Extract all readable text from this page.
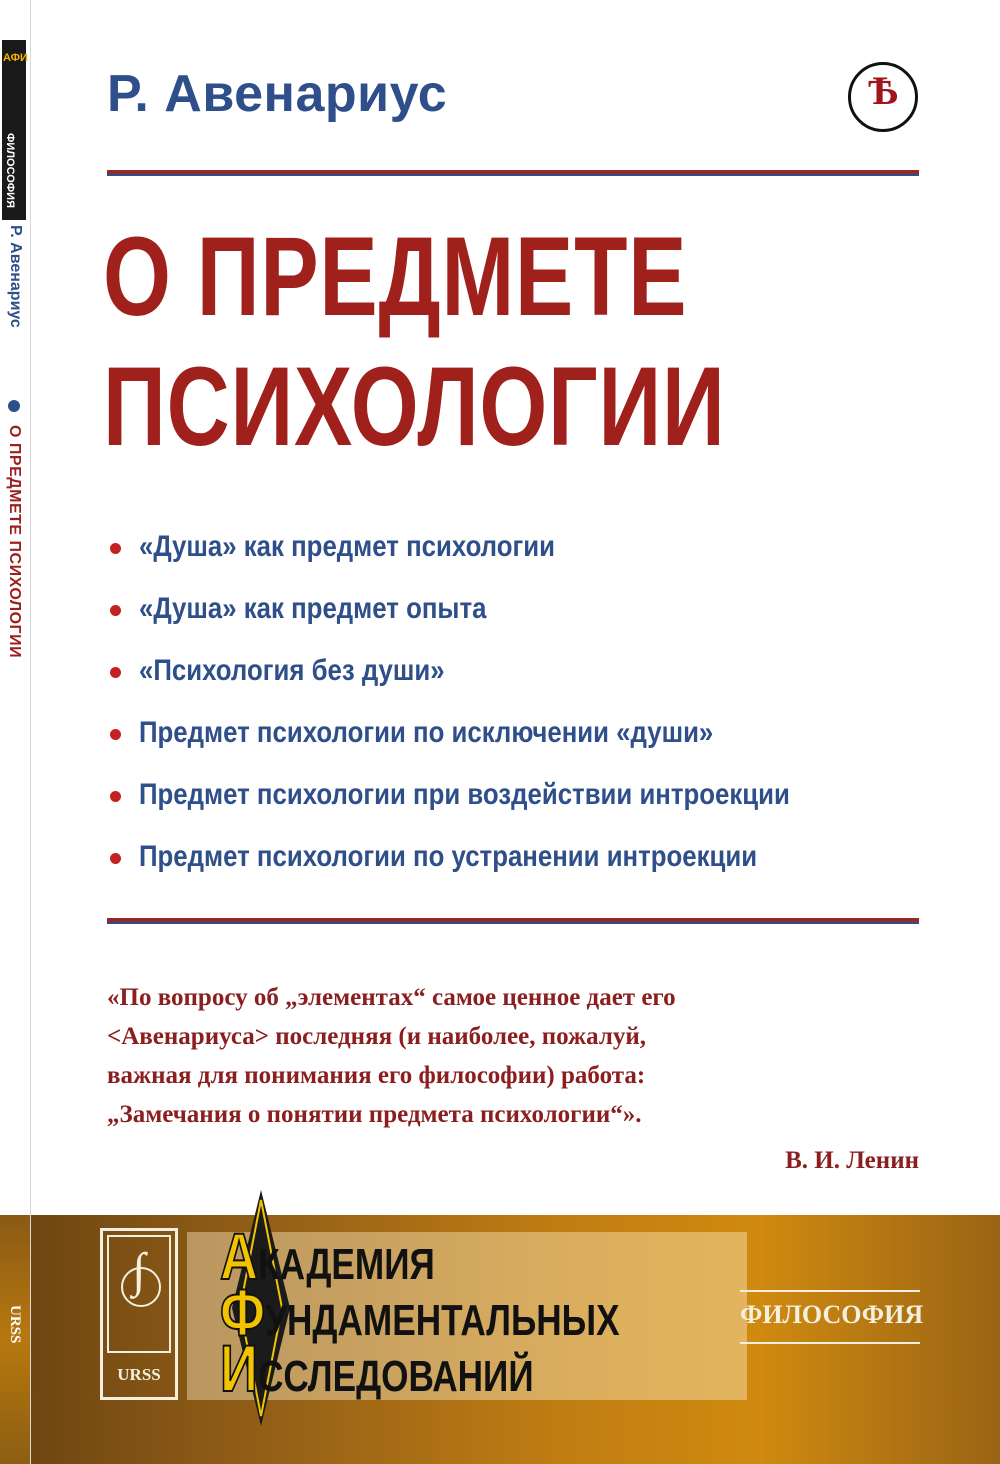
АФИ
ФИЛОСОФИЯ
Р. Авенариус
О ПРЕДМЕТЕ ПСИХОЛОГИИ
URSS
Р. Авенариус	Ѣ
О ПРЕДМЕТЕ
ПСИХОЛОГИИ
«Душа» как предмет психологии
«Душа» как предмет опыта
«Психология без души»
Предмет психологии по исключении «души»
Предмет психологии при воздействии интроекции
Предмет психологии по устранении интроекции
«По вопросу об „элементах“ самое ценное дает его
<Авенариуса> последняя (и наиболее, пожалуй,
важная для понимания его философии) работа:
„Замечания о понятии предмета психологии“».
В. И. Ленин
∫
URSS
АКАДЕМИЯ
ФУНДАМЕНТАЛЬНЫХ
ИССЛЕДОВАНИЙ
ФИЛОСОФИЯ
